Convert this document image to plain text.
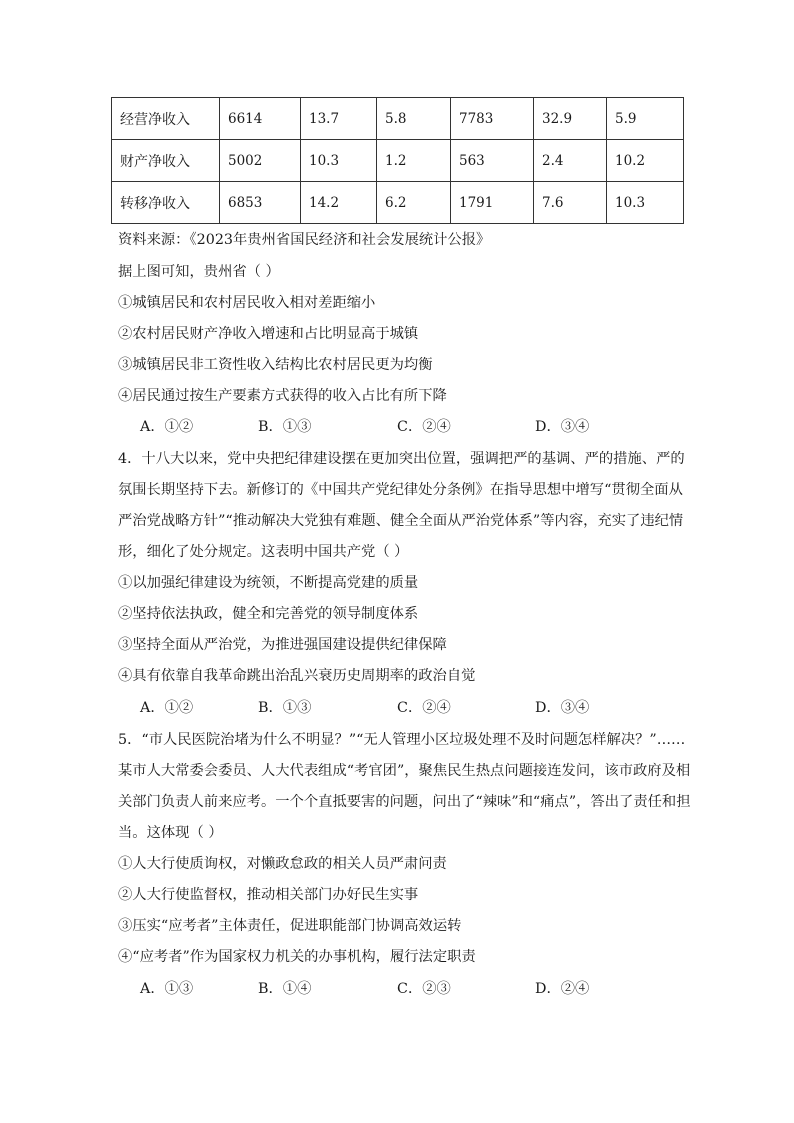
经营净收入	6614	13.7	5.8	7783	32.9	5.9
财产净收入	5002	10.3	1.2	563	2.4	10.2
转移净收入	6853	14.2	6.2	1791	7.6	10.3
资料来源：《2023年贵州省国民经济和社会发展统计公报》
据上图可知，贵州省（ ）
①城镇居民和农村居民收入相对差距缩小
②农村居民财产净收入增速和占比明显高于城镇
③城镇居民非工资性收入结构比农村居民更为均衡
④居民通过按生产要素方式获得的收入占比有所下降
A．①②	B．①③	C．②④	D．③④
4．十八大以来，党中央把纪律建设摆在更加突出位置，强调把严的基调、严的措施、严的
氛围长期坚持下去。新修订的《中国共产党纪律处分条例》在指导思想中增写“贯彻全面从
严治党战略方针”“推动解决大党独有难题、健全全面从严治党体系”等内容，充实了违纪情
形，细化了处分规定。这表明中国共产党（ ）
①以加强纪律建设为统领，不断提高党建的质量
②坚持依法执政，健全和完善党的领导制度体系
③坚持全面从严治党，为推进强国建设提供纪律保障
④具有依靠自我革命跳出治乱兴衰历史周期率的政治自觉
A．①②	B．①③	C．②④	D．③④
5．“市人民医院治堵为什么不明显？”“无人管理小区垃圾处理不及时问题怎样解决？”……
某市人大常委会委员、人大代表组成“考官团”，聚焦民生热点问题接连发问，该市政府及相
关部门负责人前来应考。一个个直抵要害的问题，问出了“辣味”和“痛点”，答出了责任和担
当。这体现（ ）
①人大行使质询权，对懒政怠政的相关人员严肃问责
②人大行使监督权，推动相关部门办好民生实事
③压实“应考者”主体责任，促进职能部门协调高效运转
④“应考者”作为国家权力机关的办事机构，履行法定职责
A．①③	B．①④	C．②③	D．②④
